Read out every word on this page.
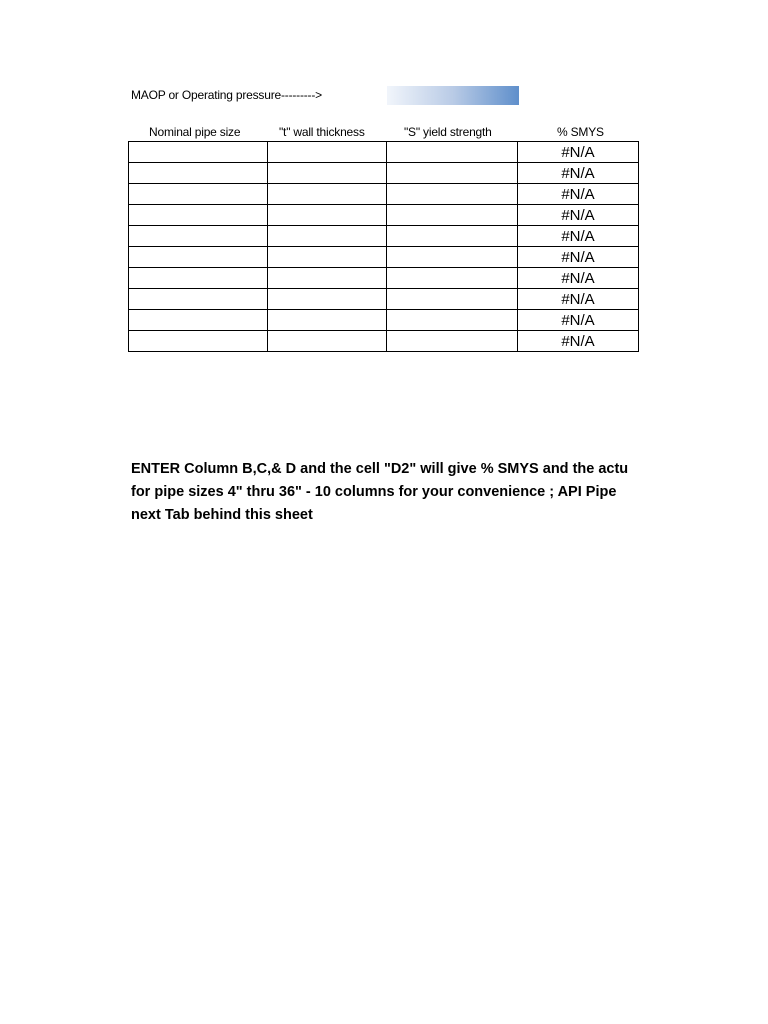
MAOP or Operating pressure--------->
Nominal pipe size	"t" wall thickness	"S" yield strength	% SMYS
			#N/A
			#N/A
			#N/A
			#N/A
			#N/A
			#N/A
			#N/A
			#N/A
			#N/A
			#N/A
ENTER Column B,C,& D and the cell "D2" will give % SMYS and the actu
for pipe sizes 4" thru 36" - 10 columns for your convenience ; API Pipe
next Tab behind this sheet
